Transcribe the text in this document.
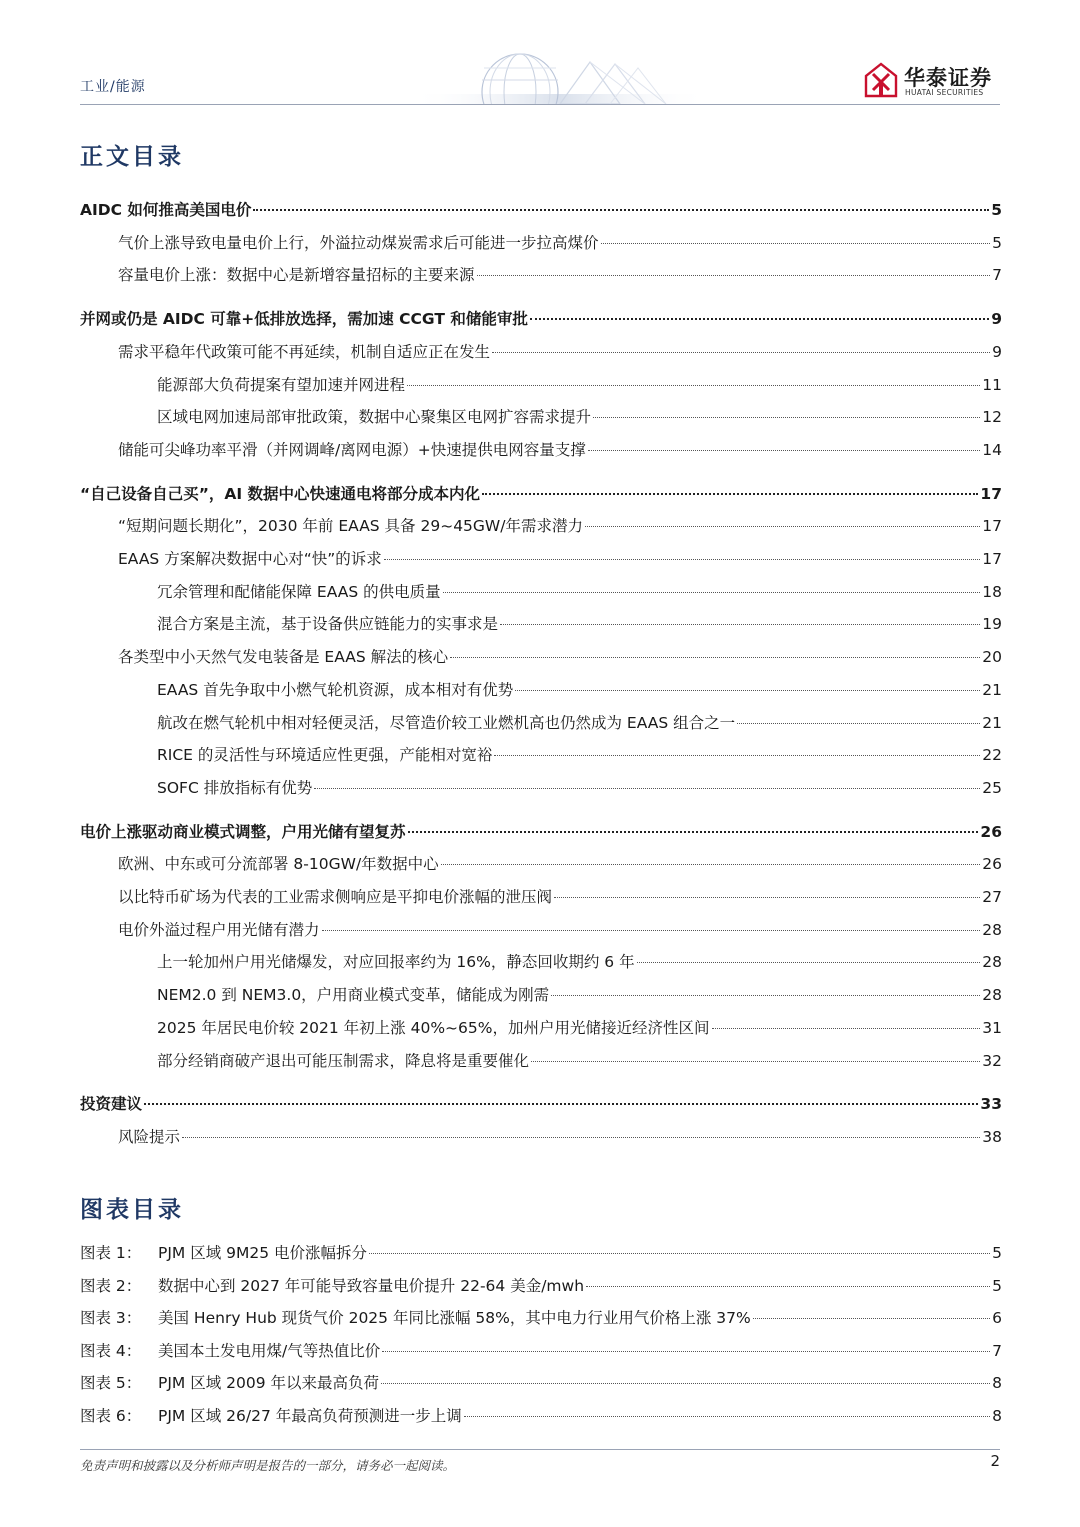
工业/能源	华泰证券
HUATAI SECURITIES
正文目录
AIDC 如何推高美国电价	5
气价上涨导致电量电价上行，外溢拉动煤炭需求后可能进一步拉高煤价	5
容量电价上涨：数据中心是新增容量招标的主要来源	7
并网或仍是 AIDC 可靠+低排放选择，需加速 CCGT 和储能审批	9
需求平稳年代政策可能不再延续，机制自适应正在发生	9
能源部大负荷提案有望加速并网进程	11
区域电网加速局部审批政策，数据中心聚集区电网扩容需求提升	12
储能可尖峰功率平滑（并网调峰/离网电源）+快速提供电网容量支撑	14
“自己设备自己买”，AI 数据中心快速通电将部分成本内化	17
“短期问题长期化”，2030 年前 EAAS 具备 29~45GW/年需求潜力	17
EAAS 方案解决数据中心对“快”的诉求	17
冗余管理和配储能保障 EAAS 的供电质量	18
混合方案是主流，基于设备供应链能力的实事求是	19
各类型中小天然气发电装备是 EAAS 解法的核心	20
EAAS 首先争取中小燃气轮机资源，成本相对有优势	21
航改在燃气轮机中相对轻便灵活，尽管造价较工业燃机高也仍然成为 EAAS 组合之一	21
RICE 的灵活性与环境适应性更强，产能相对宽裕	22
SOFC 排放指标有优势	25
电价上涨驱动商业模式调整，户用光储有望复苏	26
欧洲、中东或可分流部署 8-10GW/年数据中心	26
以比特币矿场为代表的工业需求侧响应是平抑电价涨幅的泄压阀	27
电价外溢过程户用光储有潜力	28
上一轮加州户用光储爆发，对应回报率约为 16%，静态回收期约 6 年	28
NEM2.0 到 NEM3.0，户用商业模式变革，储能成为刚需	28
2025 年居民电价较 2021 年初上涨 40%~65%，加州户用光储接近经济性区间	31
部分经销商破产退出可能压制需求，降息将是重要催化	32
投资建议	33
风险提示	38
图表目录
图表 1：	PJM 区域 9M25 电价涨幅拆分	5
图表 2：	数据中心到 2027 年可能导致容量电价提升 22-64 美金/mwh	5
图表 3：	美国 Henry Hub 现货气价 2025 年同比涨幅 58%，其中电力行业用气价格上涨 37%	6
图表 4：	美国本土发电用煤/气等热值比价	7
图表 5：	PJM 区域 2009 年以来最高负荷	8
图表 6：	PJM 区域 26/27 年最高负荷预测进一步上调	8
免责声明和披露以及分析师声明是报告的一部分，请务必一起阅读。	2
